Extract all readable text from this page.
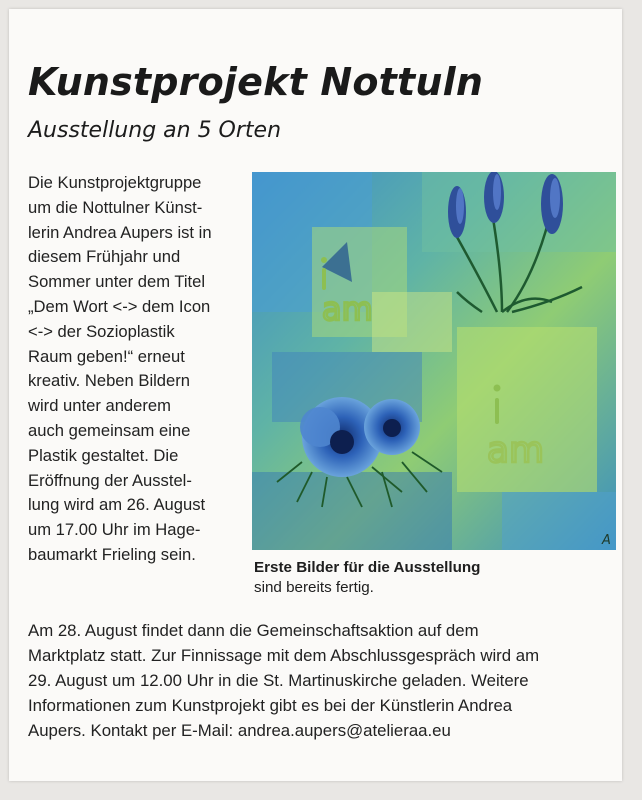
Kunstprojekt Nottuln
Ausstellung an 5 Orten
Die Kunstprojektgruppe
um die Nottulner Künst-
lerin Andrea Aupers ist in
diesem Frühjahr und
Sommer unter dem Titel
„Dem Wort <-> dem Icon
<-> der Sozioplastik
Raum geben!“ erneut
kreativ. Neben Bildern
wird unter anderem
auch gemeinsam eine
Plastik gestaltet. Die
Eröffnung der Ausstel-
lung wird am 26. August
um 17.00 Uhr im Hage-
baumarkt Frieling sein.
am
am
A
Erste Bilder für die Ausstellung
sind bereits fertig.
Am 28. August findet dann die Gemeinschaftsaktion auf dem
Marktplatz statt. Zur Finnissage mit dem Abschlussgespräch wird am
29. August um 12.00 Uhr in die St. Martinuskirche geladen. Weitere
Informationen zum Kunstprojekt gibt es bei der Künstlerin Andrea
Aupers. Kontakt per E-Mail: andrea.aupers@atelieraa.eu
